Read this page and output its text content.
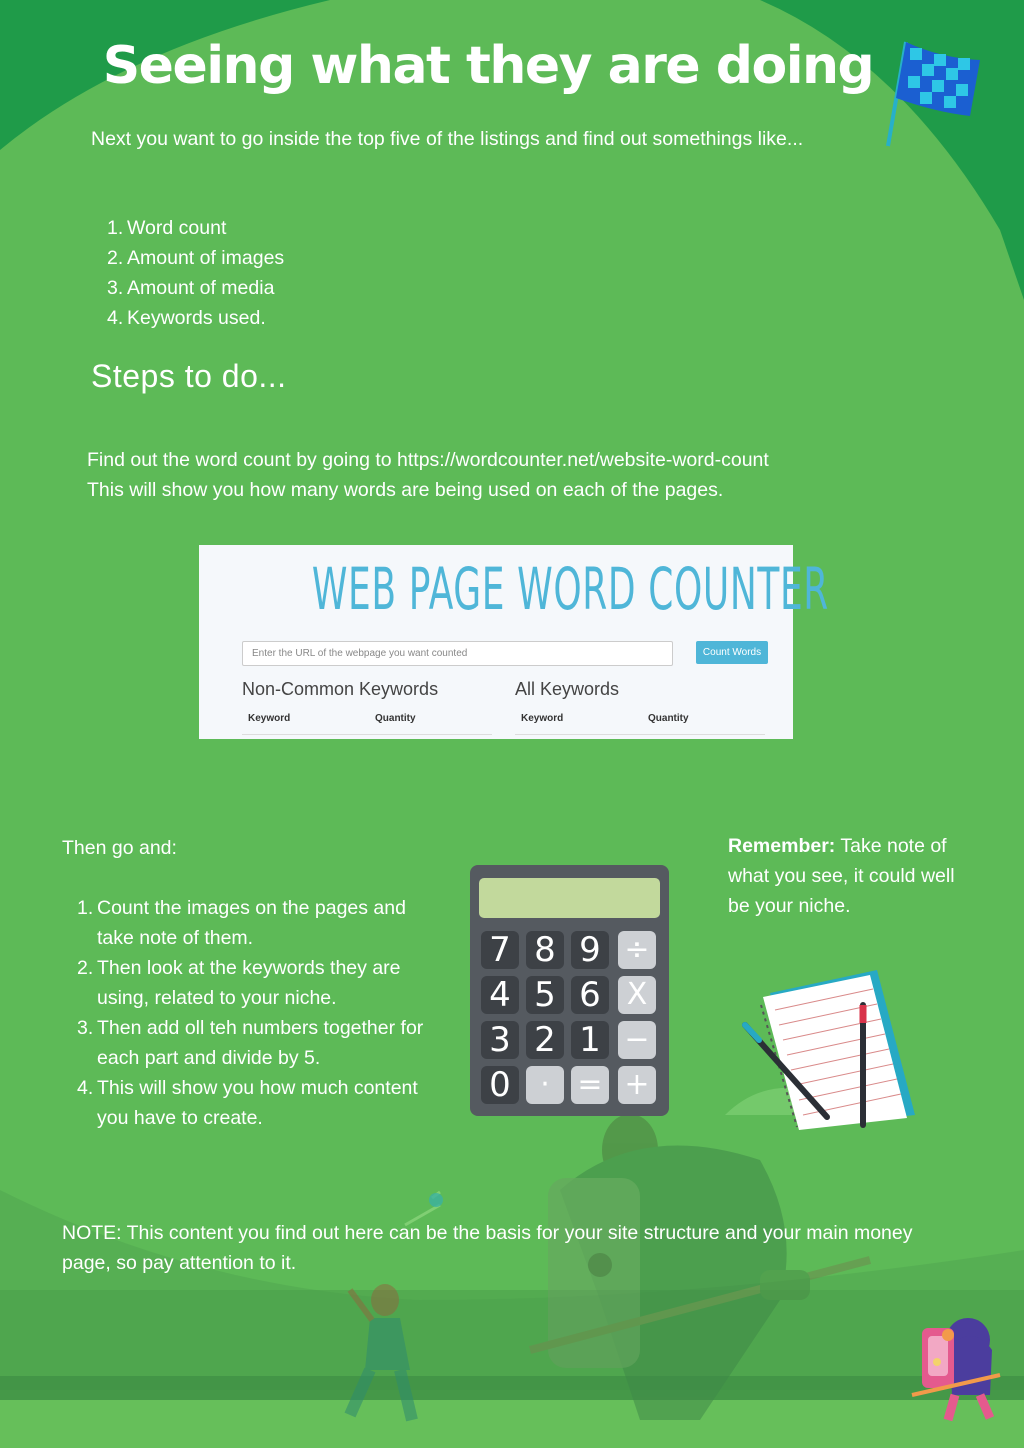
Seeing what they are doing
Next you want to go inside the top five of the listings and find out somethings like...
1. Word count
2. Amount of images
3. Amount of media
4. Keywords used.
Steps to do...
Find out the word count by going to https://wordcounter.net/website-word-count
This will show you how many words are being used on each of the pages.
WEB PAGE WORD COUNTER
Enter the URL of the webpage you want counted	Count Words
Non-Common Keywords	All Keywords
Keyword	Quantity	Keyword	Quantity
Then go and:
1. Count the images on the pages and take note of them.
2. Then look at the keywords they are using, related to your niche.
3. Then add oll teh numbers together for each part and divide by 5.
4. This will show you how much content you have to create.
7 8 9 ÷
4 5 6 X
3 2 1 −
0 · = +
Remember: Take note of what you see, it could well be your niche.
NOTE: This content you find out here can be the basis for your site structure and your main money page, so pay attention to it.
